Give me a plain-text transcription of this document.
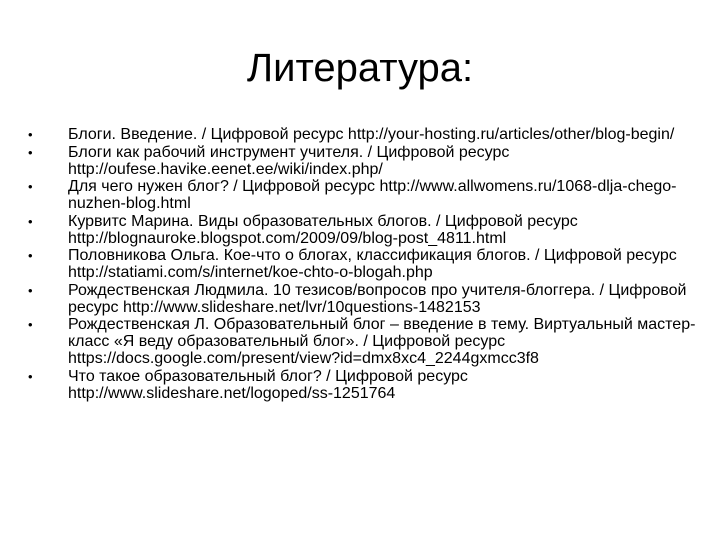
Литература:
• Блоги. Введение. / Цифровой ресурс http://your-hosting.ru/articles/other/blog-begin/
• Блоги как рабочий инструмент учителя. / Цифровой ресурс http://oufese.havike.eenet.ee/wiki/index.php/
• Для чего нужен блог? / Цифровой ресурс http://www.allwomens.ru/1068-dlja-chego-nuzhen-blog.html
• Курвитс Марина. Виды образовательных блогов. / Цифровой ресурс http://blognauroke.blogspot.com/2009/09/blog-post_4811.html
• Половникова Ольга. Кое-что о блогах, классификация блогов. / Цифровой ресурс http://statiami.com/s/internet/koe-chto-o-blogah.php
• Рождественская Людмила. 10 тезисов/вопросов про учителя-блоггера. / Цифровой ресурс http://www.slideshare.net/lvr/10questions-1482153
• Рождественская Л. Образовательный блог – введение в тему. Виртуальный мастер-класс «Я веду образовательный блог». / Цифровой ресурс https://docs.google.com/present/view?id=dmx8xc4_2244gxmcc3f8
• Что такое образовательный блог? / Цифровой ресурс http://www.slideshare.net/logoped/ss-1251764
